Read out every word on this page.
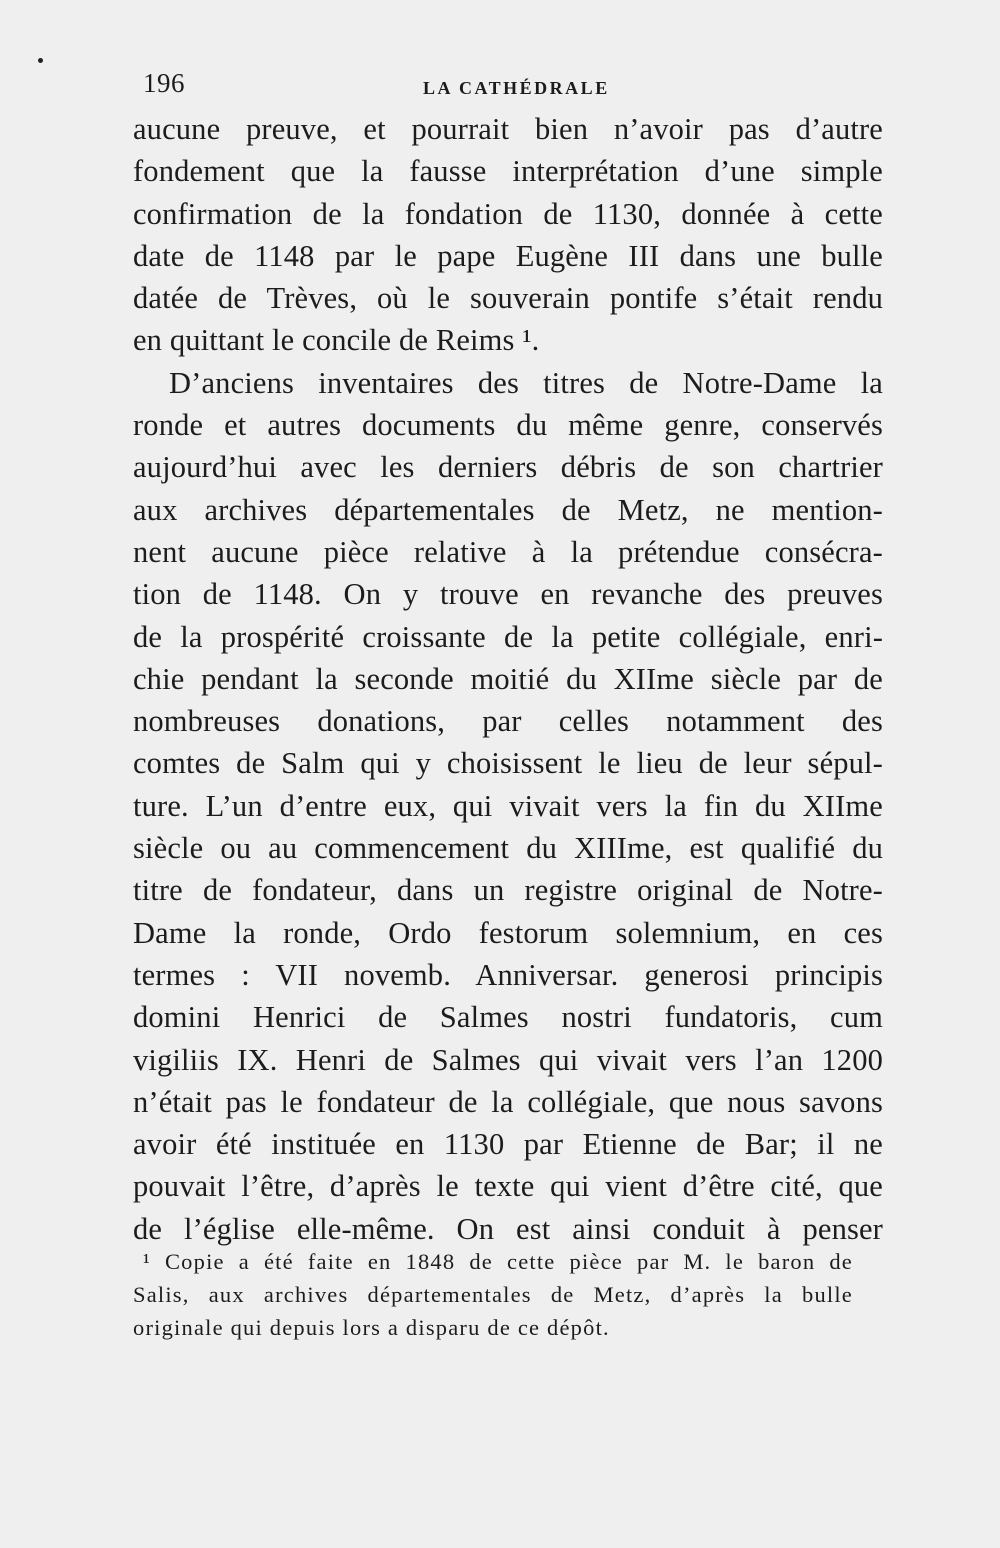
196	LA CATHÉDRALE
aucune preuve, et pourrait bien n’avoir pas d’autre
fondement que la fausse interprétation d’une simple
confirmation de la fondation de 1130, donnée à cette
date de 1148 par le pape Eugène III dans une bulle
datée de Trèves, où le souverain pontife s’était rendu
en quittant le concile de Reims ¹.
D’anciens inventaires des titres de Notre-Dame la
ronde et autres documents du même genre, conservés
aujourd’hui avec les derniers débris de son chartrier
aux archives départementales de Metz, ne mention-
nent aucune pièce relative à la prétendue consécra-
tion de 1148. On y trouve en revanche des preuves
de la prospérité croissante de la petite collégiale, enri-
chie pendant la seconde moitié du XIIme siècle par de
nombreuses donations, par celles notamment des
comtes de Salm qui y choisissent le lieu de leur sépul-
ture. L’un d’entre eux, qui vivait vers la fin du XIIme
siècle ou au commencement du XIIIme, est qualifié du
titre de fondateur, dans un registre original de Notre-
Dame la ronde, Ordo festorum solemnium, en ces
termes : VII novemb. Anniversar. generosi principis
domini Henrici de Salmes nostri fundatoris, cum
vigiliis IX. Henri de Salmes qui vivait vers l’an 1200
n’était pas le fondateur de la collégiale, que nous savons
avoir été instituée en 1130 par Etienne de Bar; il ne
pouvait l’être, d’après le texte qui vient d’être cité, que
de l’église elle-même. On est ainsi conduit à penser
¹ Copie a été faite en 1848 de cette pièce par M. le baron de
Salis, aux archives départementales de Metz, d’après la bulle
originale qui depuis lors a disparu de ce dépôt.
